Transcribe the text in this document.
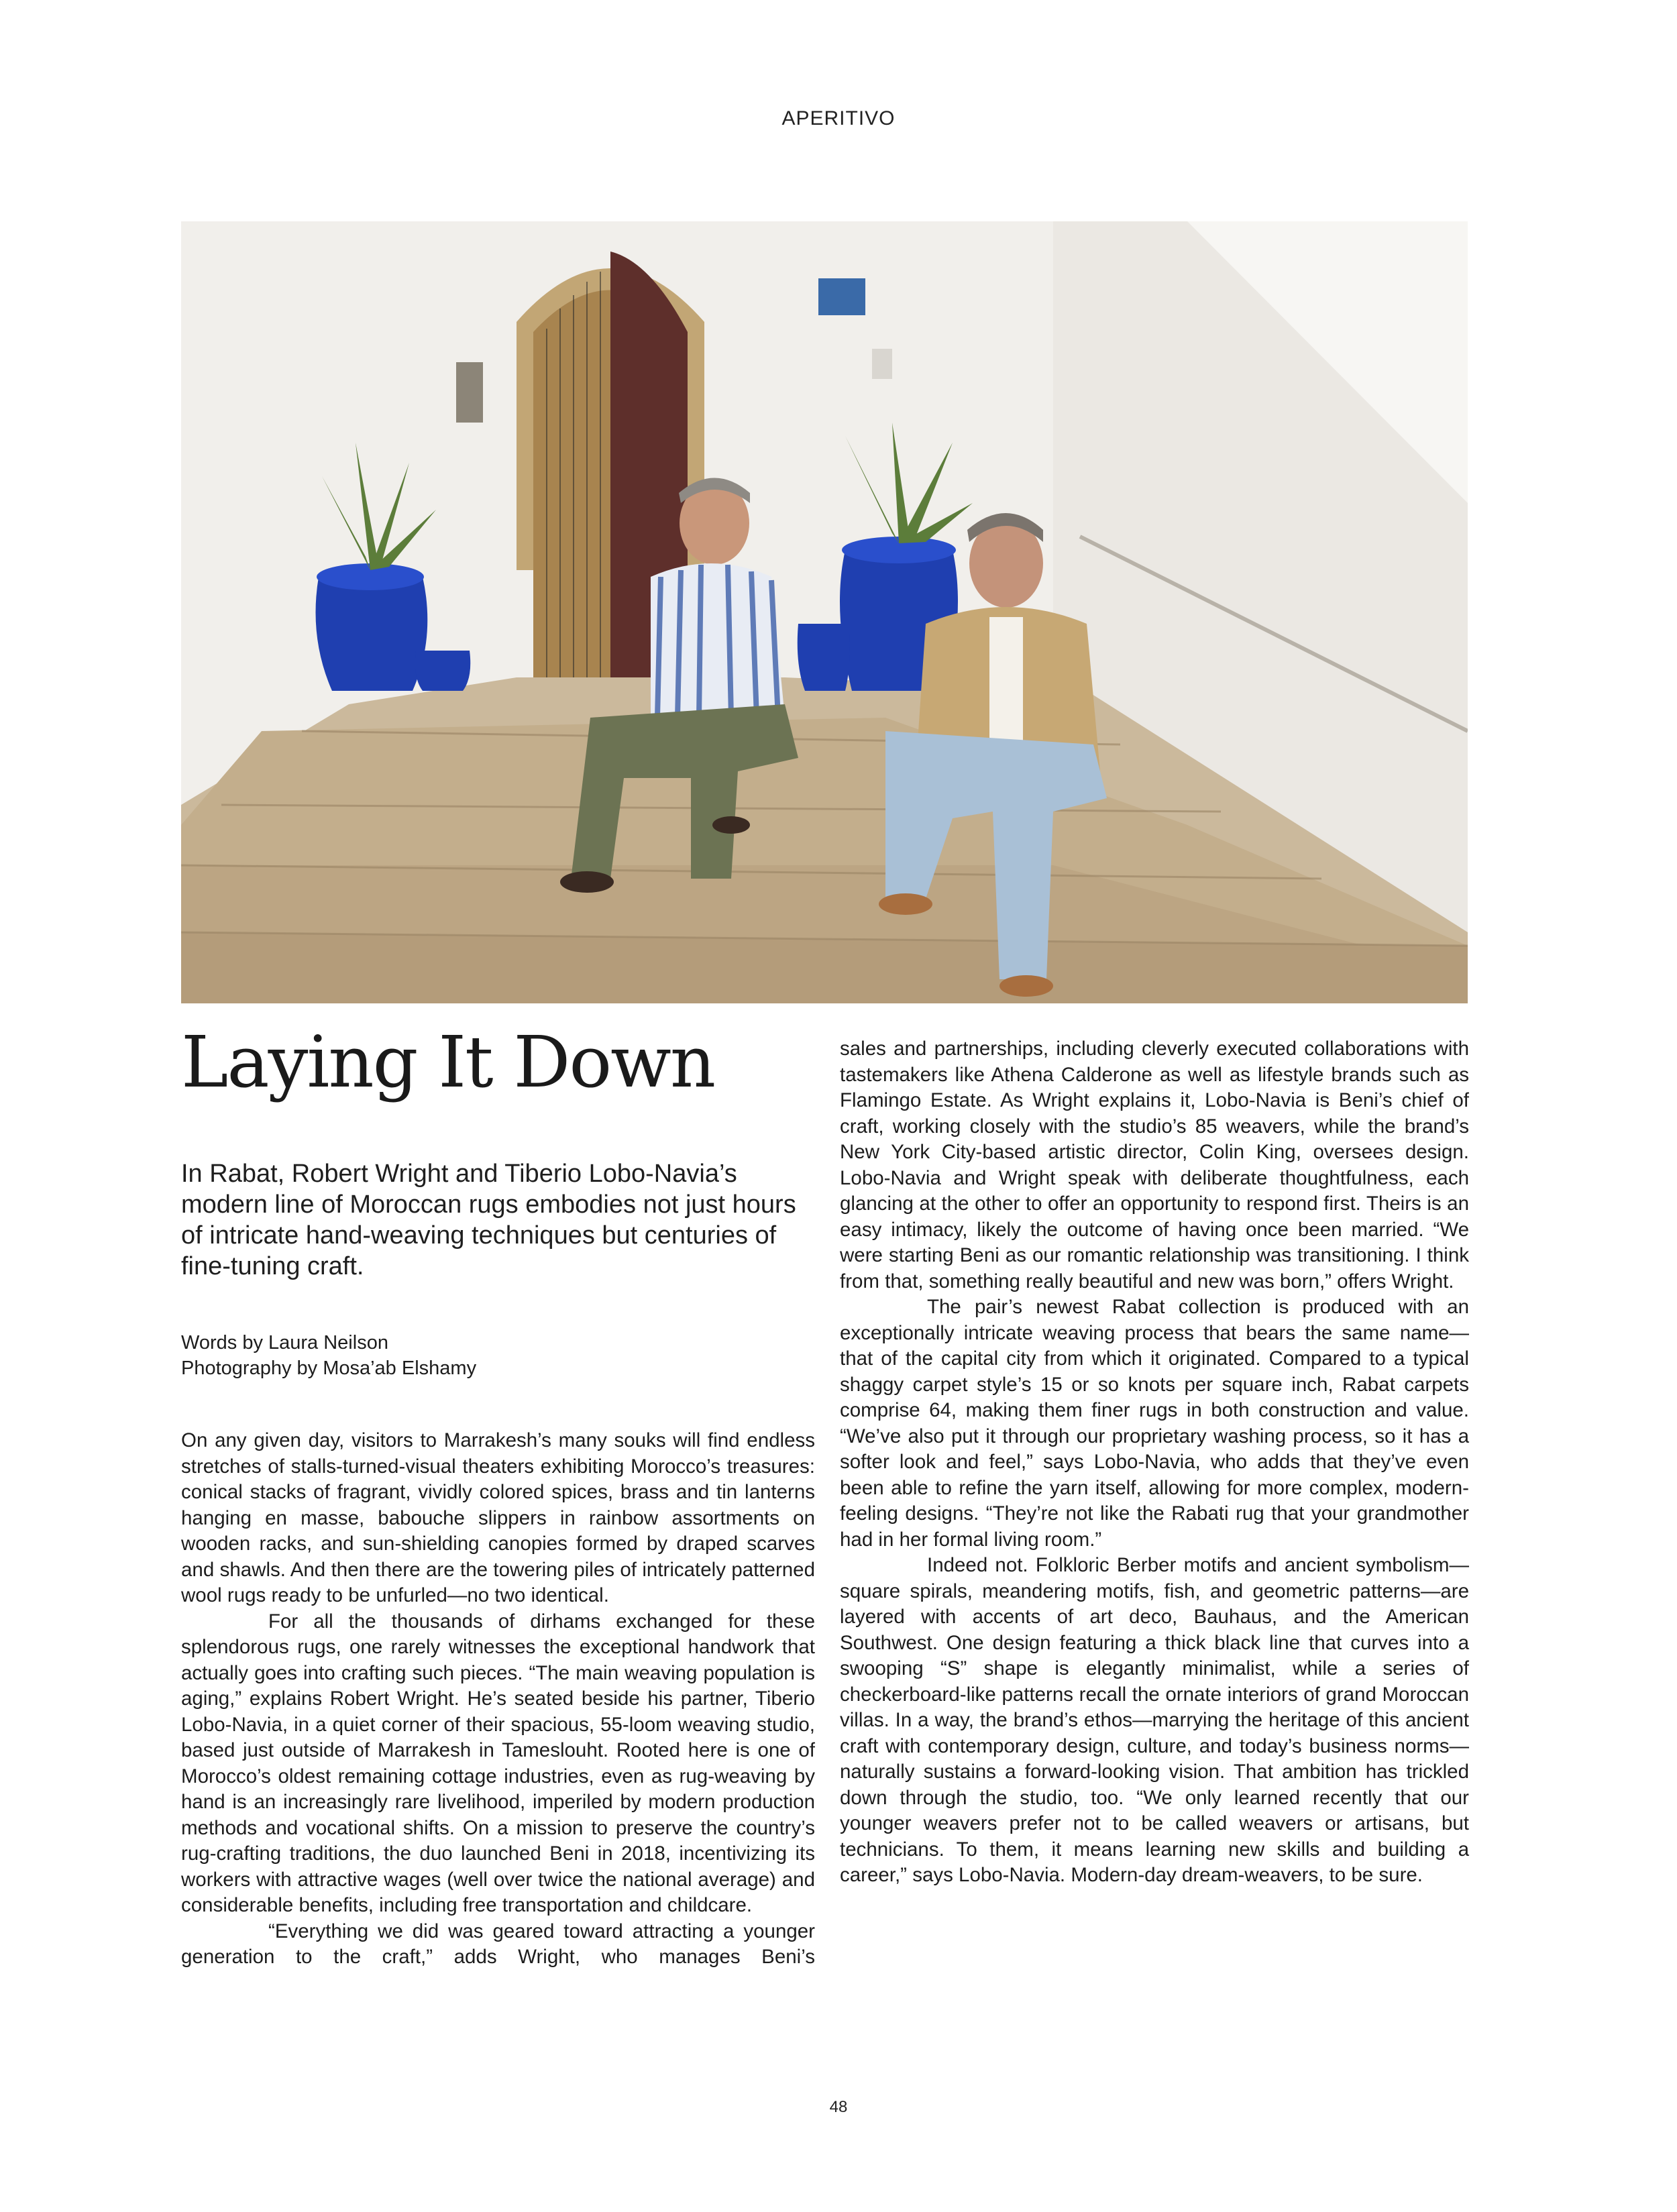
APERITIVO
Laying It Down

In Rabat, Robert Wright and Tiberio Lobo-Navia’s modern line of Moroccan rugs embodies not just hours of intricate hand-weaving techniques but centuries of fine-tuning craft.

Words by Laura Neilson
Photography by Mosa’ab Elshamy

On any given day, visitors to Marrakesh’s many souks will find endless stretches of stalls-turned-visual theaters exhibiting Morocco’s treasures: conical stacks of fragrant, vividly colored spices, brass and tin lanterns hanging en masse, babouche slippers in rainbow assortments on wooden racks, and sun-shielding canopies formed by draped scarves and shawls. And then there are the towering piles of intricately patterned wool rugs ready to be unfurled—no two identical.

For all the thousands of dirhams exchanged for these splendorous rugs, one rarely witnesses the exceptional handwork that actually goes into crafting such pieces. “The main weaving population is aging,” explains Robert Wright. He’s seated beside his partner, Tiberio Lobo-Navia, in a quiet corner of their spacious, 55-loom weaving studio, based just outside of Marrakesh in Tameslouht. Rooted here is one of Morocco’s oldest remaining cottage industries, even as rug-weaving by hand is an increasingly rare livelihood, imperiled by modern production methods and vocational shifts. On a mission to preserve the country’s rug-crafting traditions, the duo launched Beni in 2018, incentivizing its workers with attractive wages (well over twice the national average) and considerable benefits, including free transportation and childcare.

“Everything we did was geared toward attracting a younger generation to the craft,” adds Wright, who manages Beni’s

sales and partnerships, including cleverly executed collaborations with tastemakers like Athena Calderone as well as lifestyle brands such as Flamingo Estate. As Wright explains it, Lobo-Navia is Beni’s chief of craft, working closely with the studio’s 85 weavers, while the brand’s New York City-based artistic director, Colin King, oversees design. Lobo-Navia and Wright speak with deliberate thoughtfulness, each glancing at the other to offer an opportunity to respond first. Theirs is an easy intimacy, likely the outcome of having once been married. “We were starting Beni as our romantic relationship was transitioning. I think from that, something really beautiful and new was born,” offers Wright.

The pair’s newest Rabat collection is produced with an exceptionally intricate weaving process that bears the same name—that of the capital city from which it originated. Compared to a typical shaggy carpet style’s 15 or so knots per square inch, Rabat carpets comprise 64, making them finer rugs in both construction and value. “We’ve also put it through our proprietary washing process, so it has a softer look and feel,” says Lobo-Navia, who adds that they’ve even been able to refine the yarn itself, allowing for more complex, modern-feeling designs. “They’re not like the Rabati rug that your grandmother had in her formal living room.”

Indeed not. Folkloric Berber motifs and ancient symbolism—square spirals, meandering motifs, fish, and geometric patterns—are layered with accents of art deco, Bauhaus, and the American Southwest. One design featuring a thick black line that curves into a swooping “S” shape is elegantly minimalist, while a series of checkerboard-like patterns recall the ornate interiors of grand Moroccan villas. In a way, the brand’s ethos—marrying the heritage of this ancient craft with contemporary design, culture, and today’s business norms—naturally sustains a forward-looking vision. That ambition has trickled down through the studio, too. “We only learned recently that our younger weavers prefer not to be called weavers or artisans, but technicians. To them, it means learning new skills and building a career,” says Lobo-Navia. Modern-day dream-weavers, to be sure.

48
